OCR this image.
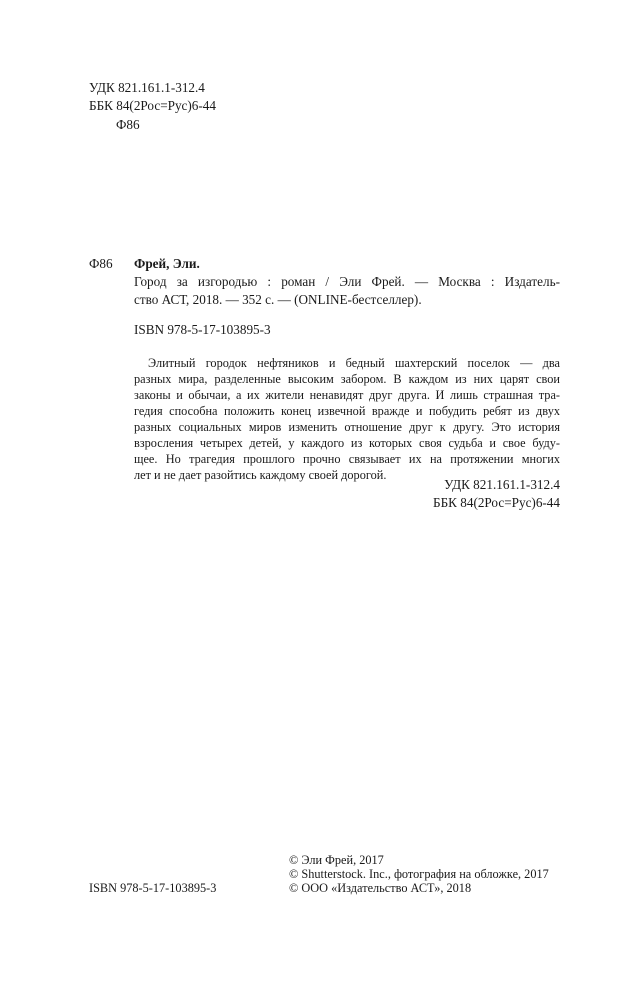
УДК 821.161.1-312.4
ББК 84(2Рос=Рус)6-44
Ф86
Ф86 Фрей, Эли.
Город за изгородью : роман / Эли Фрей. — Москва : Издатель-
ство АСТ, 2018. — 352 с. — (ONLINE-бестселлер).
ISBN 978-5-17-103895-3
Элитный городок нефтяников и бедный шахтерский поселок — два
разных мира, разделенные высоким забором. В каждом из них царят свои
законы и обычаи, а их жители ненавидят друг друга. И лишь страшная тра-
гедия способна положить конец извечной вражде и побудить ребят из двух
разных социальных миров изменить отношение друг к другу. Это история
взросления четырех детей, у каждого из которых своя судьба и свое буду-
щее. Но трагедия прошлого прочно связывает их на протяжении многих
лет и не дает разойтись каждому своей дорогой.
УДК 821.161.1-312.4
ББК 84(2Рос=Рус)6-44
ISBN 978-5-17-103895-3
© Эли Фрей, 2017
© Shutterstock. Inc., фотография на обложке, 2017
© ООО «Издательство АСТ», 2018
